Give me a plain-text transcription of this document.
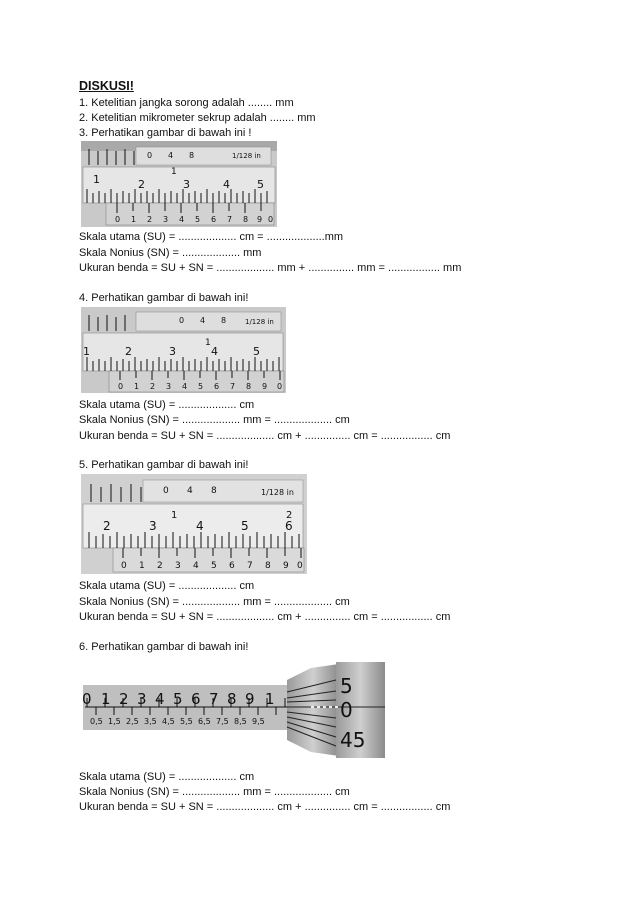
DISKUSI!
1. Ketelitian jangka sorong adalah ........ mm
2. Ketelitian mikrometer sekrup adalah ........ mm
3. Perhatikan gambar di bawah ini !
0 4 8	1/128 in
1
1	2	3	4 5
0 1 2 3 4 5 6 7 8 9 0
Skala utama (SU) = ................... cm = ...................mm
Skala Nonius (SN) = ................... mm
Ukuran benda = SU + SN = ................... mm + ............... mm = ................. mm
4. Perhatikan gambar di bawah ini!
0 4 8	1/128 in
1
1	2	3	4	5
0 1 2 3 4 5 6 7 8 9 0
Skala utama (SU) = ................... cm
Skala Nonius (SN) = ................... mm = ................... cm
Ukuran benda = SU + SN = ................... cm + ............... cm = ................. cm
5. Perhatikan gambar di bawah ini!
0 4 8	1/128 in
1
2	3	4	5	6
2
0 1 2 3 4 5 6 7 8 9 0
Skala utama (SU) = ................... cm
Skala Nonius (SN) = ................... mm = ................... cm
Ukuran benda = SU + SN = ................... cm + ............... cm = ................. cm
6. Perhatikan gambar di bawah ini!
0 1 2 3 4 5 6 7 8 9 1
0,5 1,5 2,5 3,5 4,5 5,5 6,5 7,5 8,5 9,5
5
0
45
Skala utama (SU) = ................... cm
Skala Nonius (SN) = ................... mm = ................... cm
Ukuran benda = SU + SN = ................... cm + ............... cm = ................. cm
